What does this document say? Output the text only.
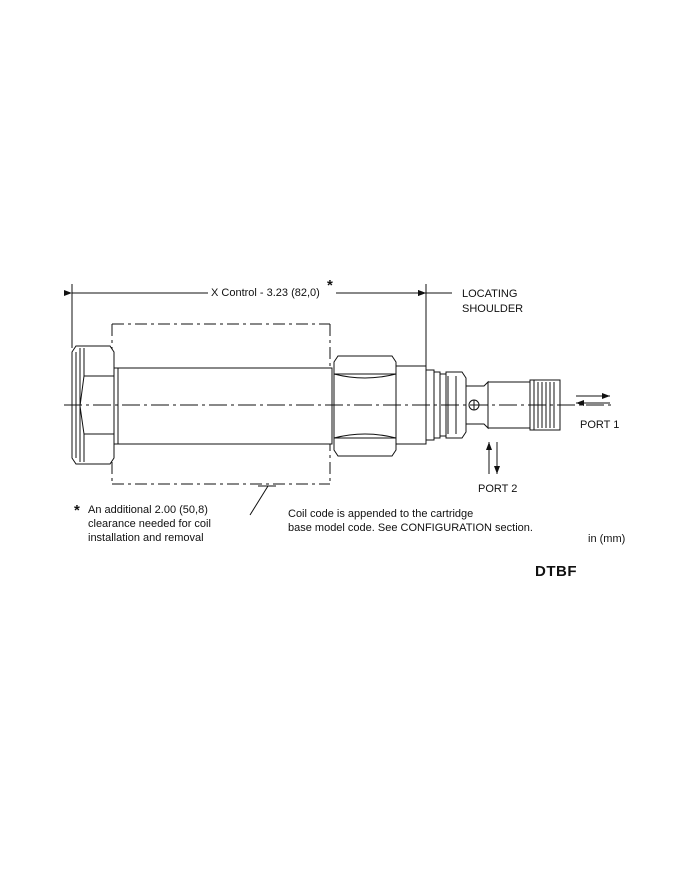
X Control - 3.23 (82,0) *	LOCATING
SHOULDER
PORT 1
PORT 2
* An additional 2.00 (50,8)
clearance needed for coil
installation and removal
Coil code is appended to the cartridge
base model code. See CONFIGURATION section.
in (mm)
DTBF
